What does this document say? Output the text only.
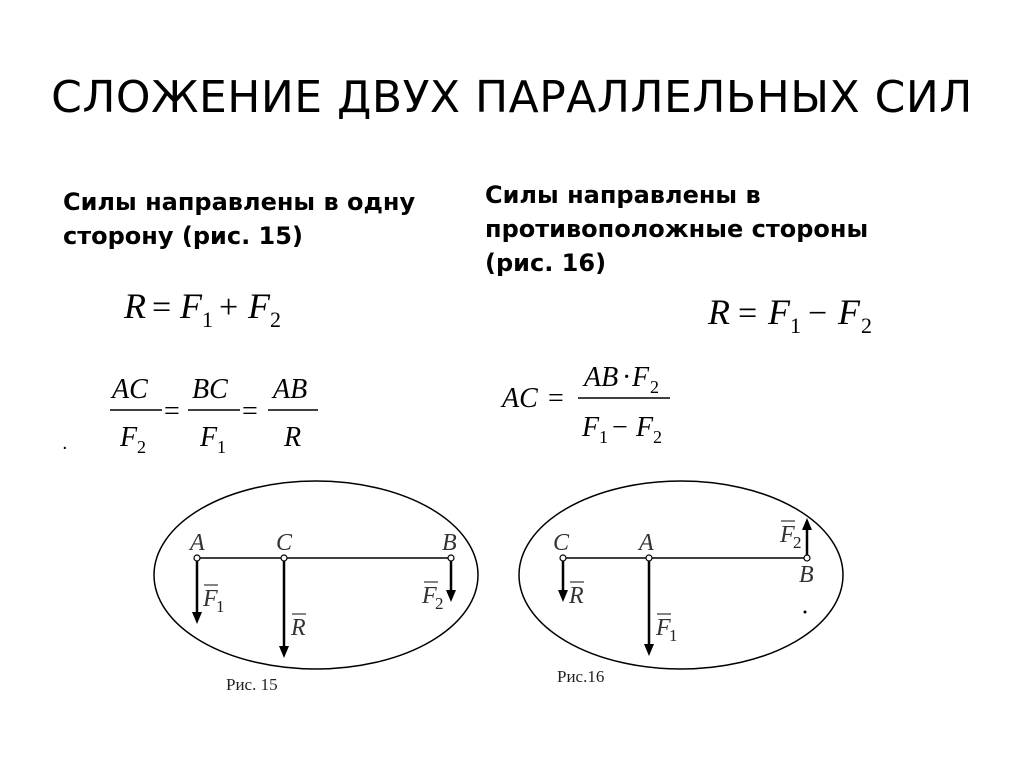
СЛОЖЕНИЕ ДВУХ ПАРАЛЛЕЛЬНЫХ СИЛ
Силы направлены в одну
сторону (рис. 15)
Силы направлены в
противоположные стороны
(рис. 16)
R = F 1 + F 2
AC
F 2
=
BC
F 1
=
AB
R
.
R = F 1 − F 2
AC =
AB · F 2
F 1 − F 2
A	C	B
F
1
R
F
2
Рис. 15
C	A
B
F
2
R
F
1
Рис.16
